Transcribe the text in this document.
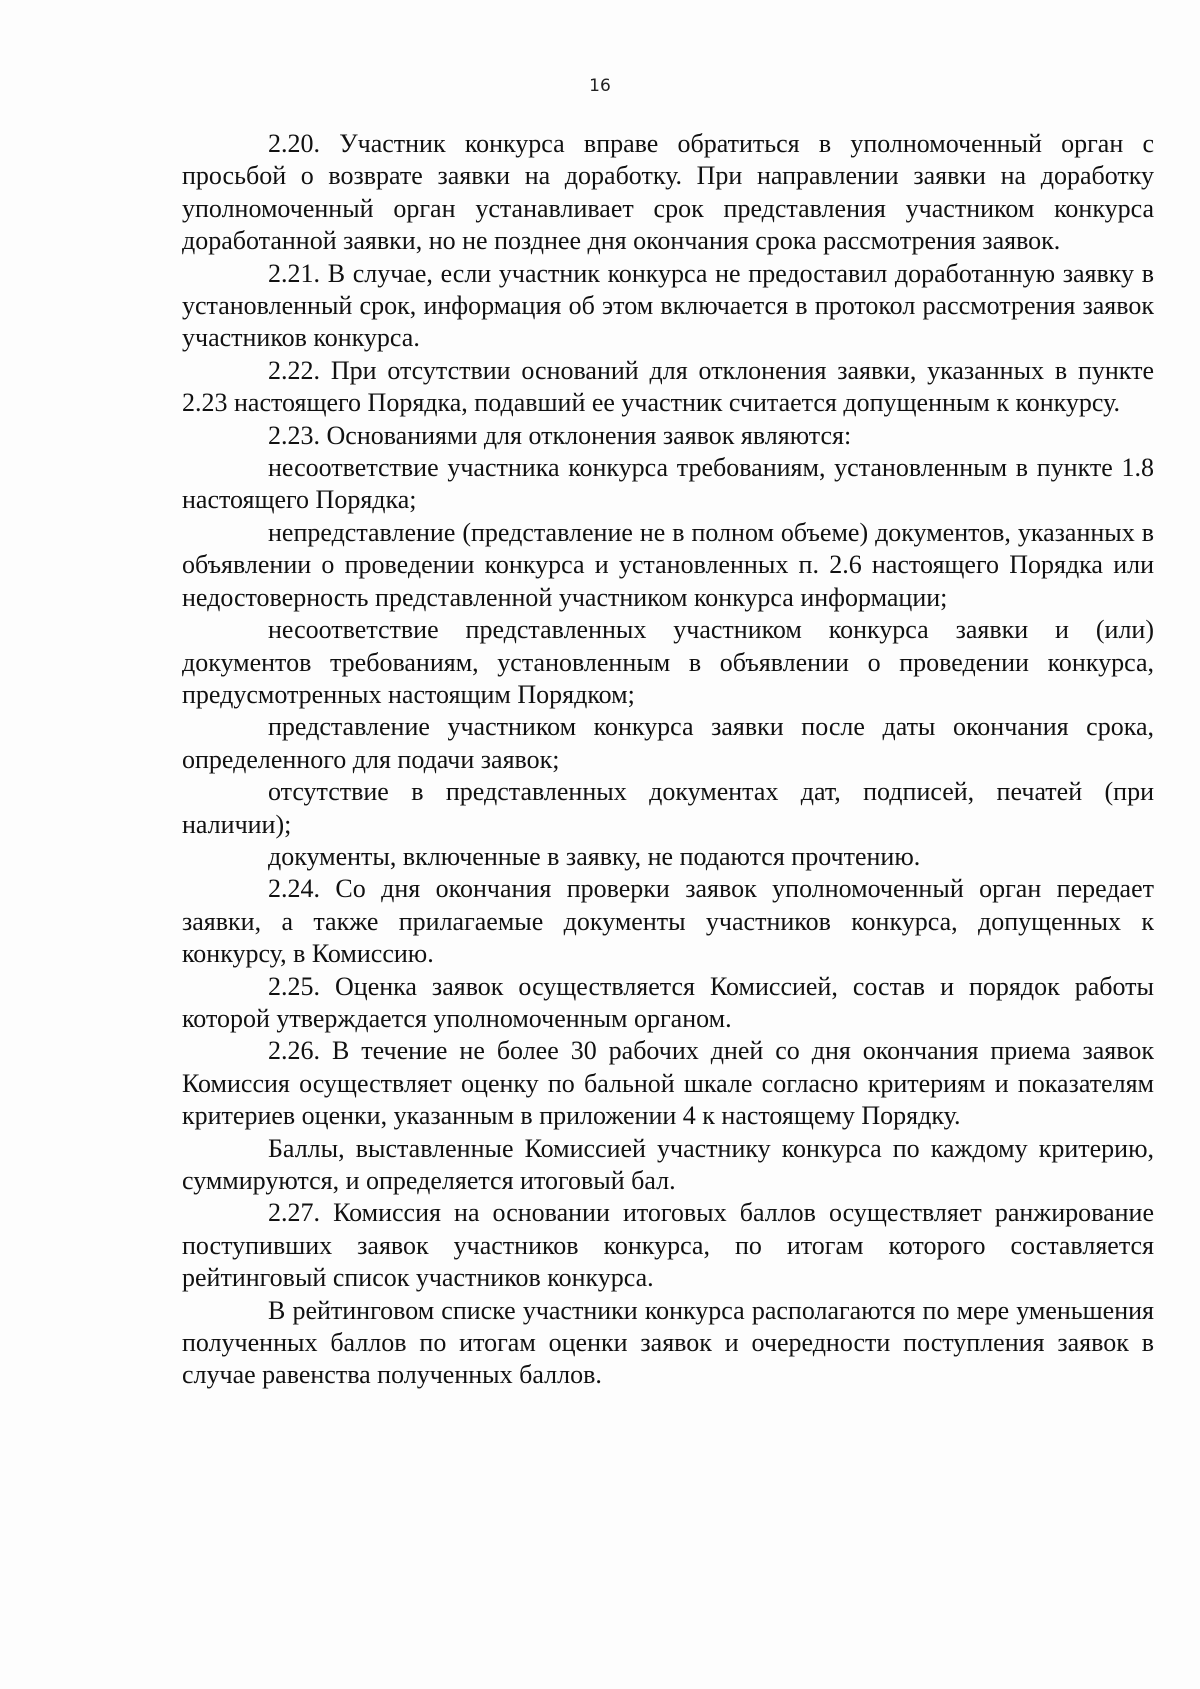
16

2.20. Участник конкурса вправе обратиться в уполномоченный орган с просьбой о возврате заявки на доработку. При направлении заявки на доработку уполномоченный орган устанавливает срок представления участником конкурса доработанной заявки, но не позднее дня окончания срока рассмотрения заявок.

2.21. В случае, если участник конкурса не предоставил доработанную заявку в установленный срок, информация об этом включается в протокол рассмотрения заявок участников конкурса.

2.22. При отсутствии оснований для отклонения заявки, указанных в пункте 2.23 настоящего Порядка, подавший ее участник считается допущенным к конкурсу.

2.23. Основаниями для отклонения заявок являются:

несоответствие участника конкурса требованиям, установленным в пункте 1.8 настоящего Порядка;

непредставление (представление не в полном объеме) документов, указанных в объявлении о проведении конкурса и установленных п. 2.6 настоящего Порядка или недостоверность представленной участником конкурса информации;

несоответствие представленных участником конкурса заявки и (или) документов требованиям, установленным в объявлении о проведении конкурса, предусмотренных настоящим Порядком;

представление участником конкурса заявки после даты окончания срока, определенного для подачи заявок;

отсутствие в представленных документах дат, подписей, печатей (при наличии);

документы, включенные в заявку, не подаются прочтению.

2.24. Со дня окончания проверки заявок уполномоченный орган передает заявки, а также прилагаемые документы участников конкурса, допущенных к конкурсу, в Комиссию.

2.25. Оценка заявок осуществляется Комиссией, состав и порядок работы которой утверждается уполномоченным органом.

2.26. В течение не более 30 рабочих дней со дня окончания приема заявок Комиссия осуществляет оценку по бальной шкале согласно критериям и показателям критериев оценки, указанным в приложении 4 к настоящему Порядку.

Баллы, выставленные Комиссией участнику конкурса по каждому критерию, суммируются, и определяется итоговый бал.

2.27. Комиссия на основании итоговых баллов осуществляет ранжирование поступивших заявок участников конкурса, по итогам которого составляется рейтинговый список участников конкурса.

В рейтинговом списке участники конкурса располагаются по мере уменьшения полученных баллов по итогам оценки заявок и очередности поступления заявок в случае равенства полученных баллов.
